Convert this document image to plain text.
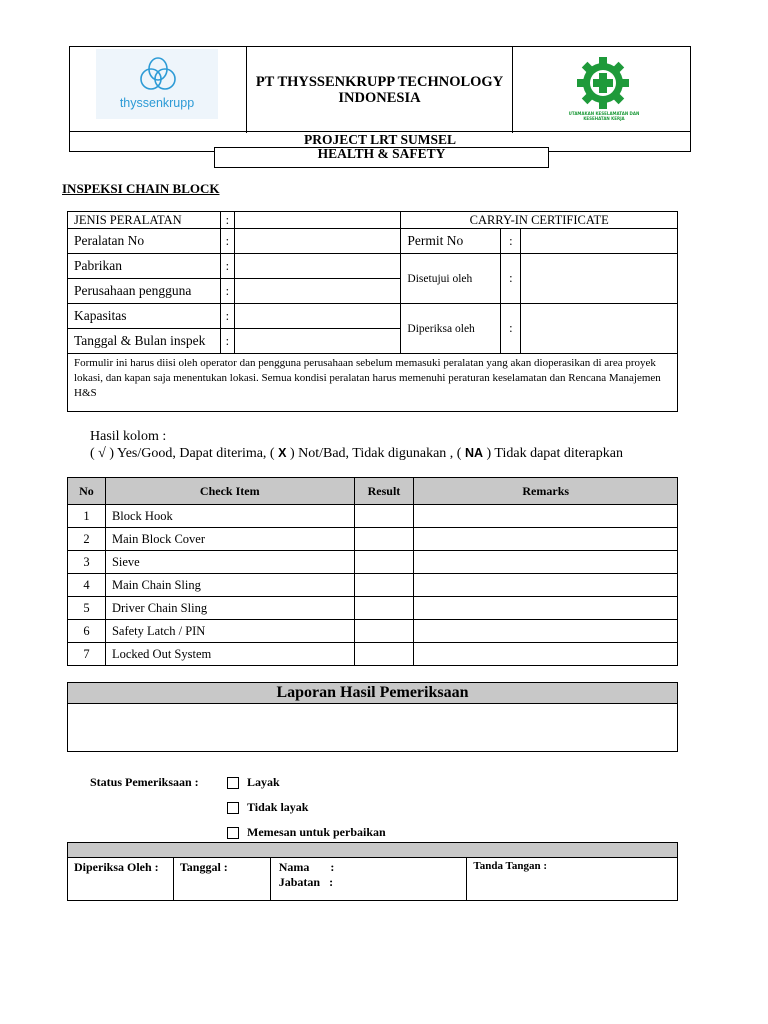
thyssenkrupp
PT THYSSENKRUPP TECHNOLOGY
INDONESIA
UTAMAKAN KESELAMATAN DAN KESEHATAN KERJA
PROJECT LRT SUMSEL
HEALTH & SAFETY
INSPEKSI CHAIN BLOCK
JENIS PERALATAN	:		CARRY-IN CERTIFICATE		
Peralatan No	:		Permit No	:	
Pabrikan	:		Disetujui oleh	:	
Perusahaan pengguna	:				
Kapasitas	:		Diperiksa oleh	:	
Tanggal & Bulan inspek	:				
Formulir ini harus diisi oleh operator dan pengguna perusahaan sebelum memasuki peralatan yang akan dioperasikan di area proyek lokasi, dan kapan saja menentukan lokasi. Semua kondisi peralatan harus memenuhi peraturan keselamatan dan Rencana Manajemen H&S					
Hasil kolom :
( √ ) Yes/Good, Dapat diterima, ( X ) Not/Bad, Tidak digunakan , ( NA ) Tidak dapat diterapkan
No	Check Item	Result	Remarks
1	Block Hook		
2	Main Block Cover		
3	Sieve		
4	Main Chain Sling		
5	Driver Chain Sling		
6	Safety Latch / PIN		
7	Locked Out System		
Laporan Hasil Pemeriksaan
Status Pemeriksaan :	Layak
Tidak layak
Memesan untuk perbaikan

Diperiksa Oleh :	Tanggal :	Nama       :
Jabatan   :
	Tanda Tangan :
